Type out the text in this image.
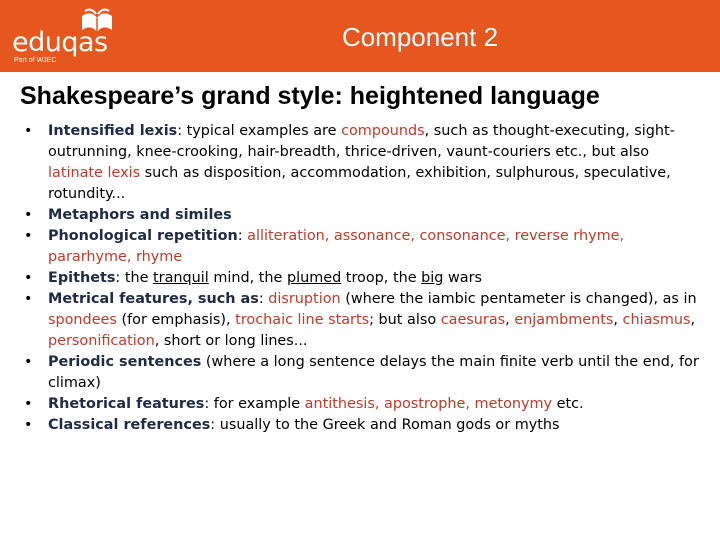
eduqas
Part of WJEC
Component 2
Shakespeare’s grand style: heightened language
• Intensified lexis: typical examples are compounds, such as thought-executing, sight-outrunning, knee-crooking, hair-breadth, thrice-driven, vaunt-couriers etc., but also latinate lexis such as disposition, accommodation, exhibition, sulphurous, speculative, rotundity...
• Metaphors and similes
• Phonological repetition: alliteration, assonance, consonance, reverse rhyme, pararhyme, rhyme
• Epithets: the tranquil mind, the plumed troop, the big wars
• Metrical features, such as: disruption (where the iambic pentameter is changed), as in spondees (for emphasis), trochaic line starts; but also caesuras, enjambments, chiasmus, personification, short or long lines...
• Periodic sentences (where a long sentence delays the main finite verb until the end, for climax)
• Rhetorical features: for example antithesis, apostrophe, metonymy etc.
• Classical references: usually to the Greek and Roman gods or myths
